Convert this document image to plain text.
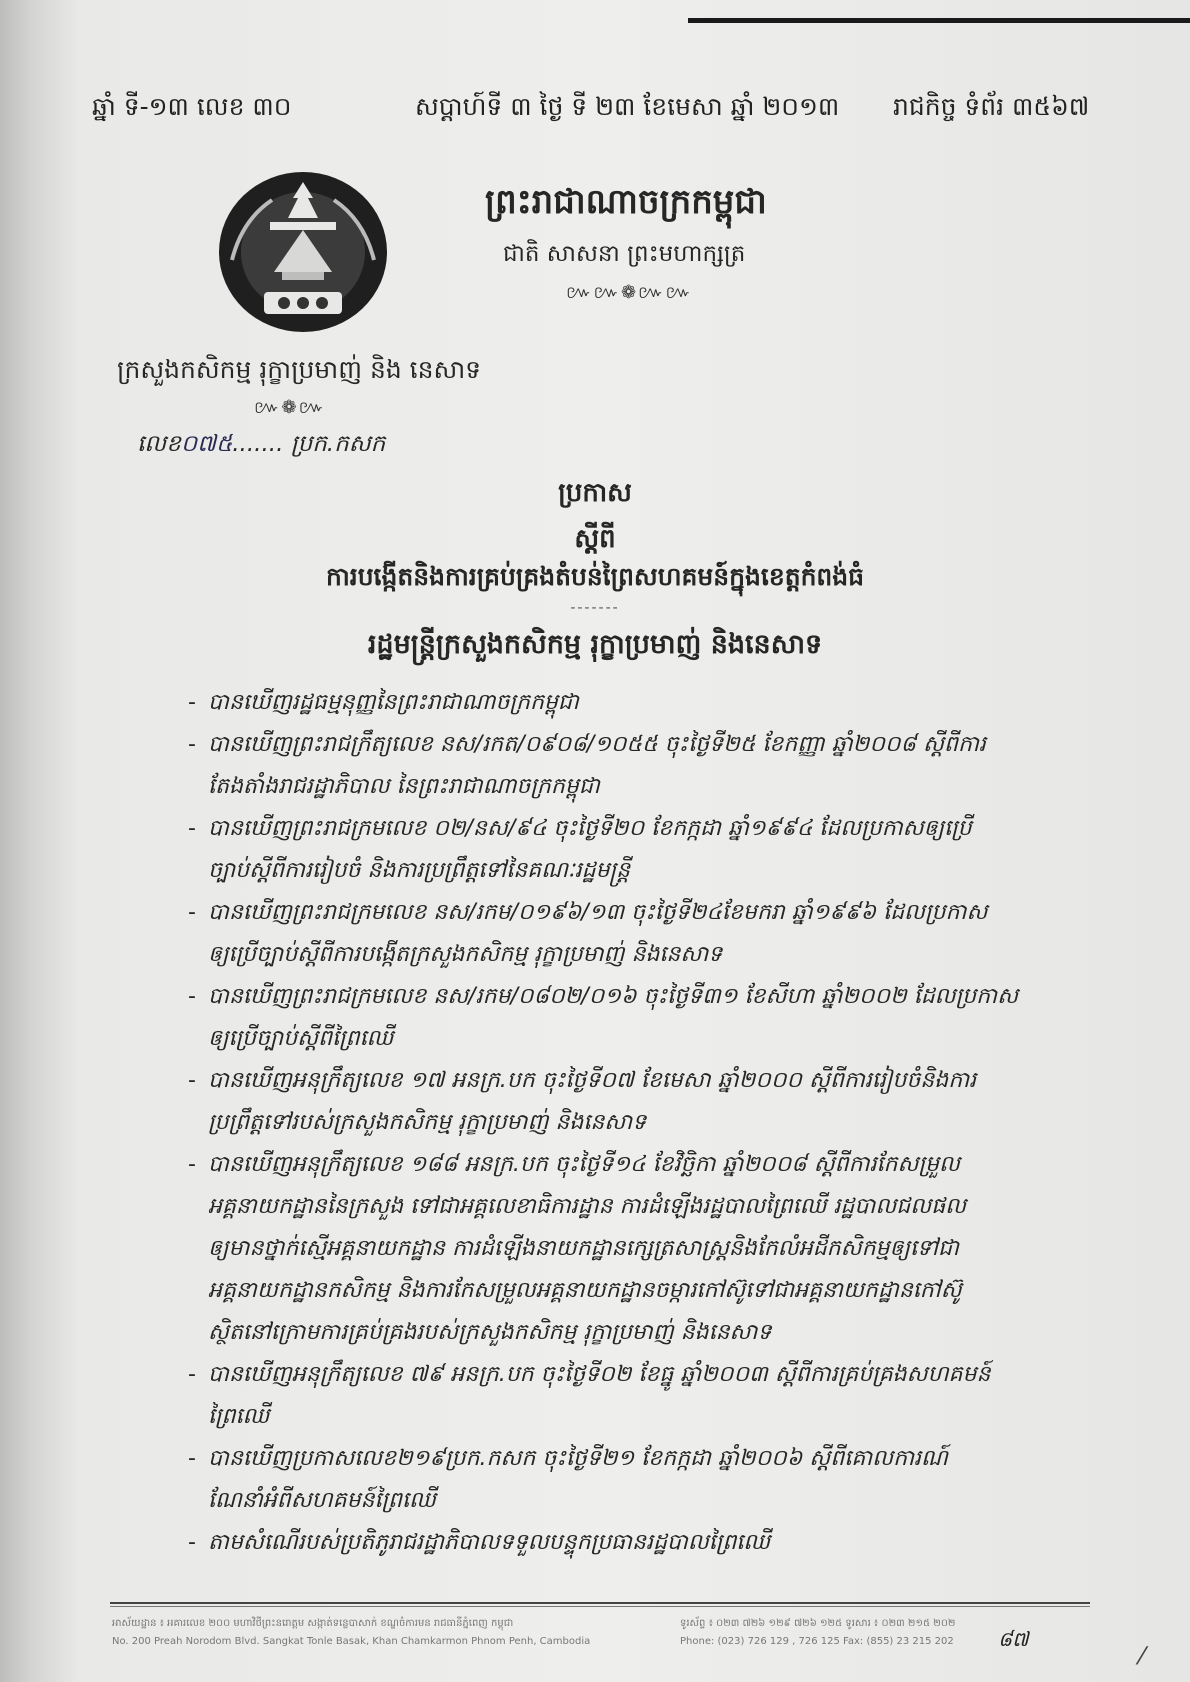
ឆ្នាំ ទី-១៣ លេខ ៣០	សប្តាហ៍ទី ៣ ថ្ងៃ ទី ២៣ ខែមេសា ឆ្នាំ ២០១៣ រាជកិច្ច ទំព័រ ៣៥៦៧
ព្រះរាជាណាចក្រកម្ពុជា
ជាតិ សាសនា ព្រះមហាក្សត្រ
៚៚❁៚៚
ក្រសួងកសិកម្ម រុក្ខាប្រមាញ់ និង នេសាទ
៚❁៚
លេខ០៧៥....... ប្រក.កសក
ប្រកាស
ស្តីពី
ការបង្កើតនិងការគ្រប់គ្រងតំបន់ព្រៃសហគមន៍ក្នុងខេត្តកំពង់ធំ
-------
រដ្ឋមន្ត្រីក្រសួងកសិកម្ម រុក្ខាប្រមាញ់ និងនេសាទ
- បានឃើញរដ្ឋធម្មនុញ្ញនៃព្រះរាជាណាចក្រកម្ពុជា
- បានឃើញព្រះរាជក្រឹត្យលេខ នស/រកត/០៩០៨/១០៥៥ ចុះថ្ងៃទី២៥ ខែកញ្ញា ឆ្នាំ២០០៨ ស្តីពីការ
តែងតាំងរាជរដ្ឋាភិបាល នៃព្រះរាជាណាចក្រកម្ពុជា
- បានឃើញព្រះរាជក្រមលេខ ០២/នស/៩៤ ចុះថ្ងៃទី២០ ខែកក្កដា ឆ្នាំ១៩៩៤ ដែលប្រកាសឲ្យប្រើ
ច្បាប់ស្តីពីការរៀបចំ និងការប្រព្រឹត្តទៅនៃគណៈរដ្ឋមន្ត្រី
- បានឃើញព្រះរាជក្រមលេខ នស/រកម/០១៩៦/១៣ ចុះថ្ងៃទី២៤ខែមករា ឆ្នាំ១៩៩៦ ដែលប្រកាស
ឲ្យប្រើច្បាប់ស្តីពីការបង្កើតក្រសួងកសិកម្ម រុក្ខាប្រមាញ់ និងនេសាទ
- បានឃើញព្រះរាជក្រមលេខ នស/រកម/០៨០២/០១៦ ចុះថ្ងៃទី៣១ ខែសីហា ឆ្នាំ២០០២ ដែលប្រកាស
ឲ្យប្រើច្បាប់ស្តីពីព្រៃឈើ
- បានឃើញអនុក្រឹត្យលេខ ១៧ អនក្រ.បក ចុះថ្ងៃទី០៧ ខែមេសា ឆ្នាំ២០០០ ស្តីពីការរៀបចំនិងការ
ប្រព្រឹត្តទៅរបស់ក្រសួងកសិកម្ម រុក្ខាប្រមាញ់ និងនេសាទ
- បានឃើញអនុក្រឹត្យលេខ ១៨៨ អនក្រ.បក ចុះថ្ងៃទី១៤ ខែវិច្ឆិកា ឆ្នាំ២០០៨ ស្តីពីការកែសម្រួល
អគ្គនាយកដ្ឋាននៃក្រសួង ទៅជាអគ្គលេខាធិការដ្ឋាន ការដំឡើងរដ្ឋបាលព្រៃឈើ រដ្ឋបាលជលផល
ឲ្យមានថ្នាក់ស្មើអគ្គនាយកដ្ឋាន ការដំឡើងនាយកដ្ឋានក្សេត្រសាស្ត្រនិងកែលំអដីកសិកម្មឲ្យទៅជា
អគ្គនាយកដ្ឋានកសិកម្ម និងការកែសម្រួលអគ្គនាយកដ្ឋានចម្ការកៅស៊ូទៅជាអគ្គនាយកដ្ឋានកៅស៊ូ
ស្ថិតនៅក្រោមការគ្រប់គ្រងរបស់ក្រសួងកសិកម្ម រុក្ខាប្រមាញ់ និងនេសាទ
- បានឃើញអនុក្រឹត្យលេខ ៧៩ អនក្រ.បក ចុះថ្ងៃទី០២ ខែធ្នូ ឆ្នាំ២០០៣ ស្តីពីការគ្រប់គ្រងសហគមន៍
ព្រៃឈើ
- បានឃើញប្រកាសលេខ២១៩ប្រក.កសក ចុះថ្ងៃទី២១ ខែកក្កដា ឆ្នាំ២០០៦ ស្តីពីគោលការណ៍
ណែនាំអំពីសហគមន៍ព្រៃឈើ
- តាមសំណើរបស់ប្រតិភូរាជរដ្ឋាភិបាលទទួលបន្ទុកប្រធានរដ្ឋបាលព្រៃឈើ
អាស័យដ្ឋាន ៖ អគារលេខ ២០០ មហាវិថីព្រះនរោត្តម សង្កាត់ទន្លេបាសាក់ ខណ្ឌចំការមន រាជធានីភ្នំពេញ កម្ពុជា
No. 200 Preah Norodom Blvd. Sangkat Tonle Basak, Khan Chamkarmon Phnom Penh, Cambodia
ទូរស័ព្ទ ៖ ០២៣ ៧២៦ ១២៩ ៧២៦ ១២៥ ទូរសារ ៖ ០២៣ ២១៥ ២០២
Phone: (023) 726 129 , 726 125 Fax: (855) 23 215 202 ៨៧
⁄
